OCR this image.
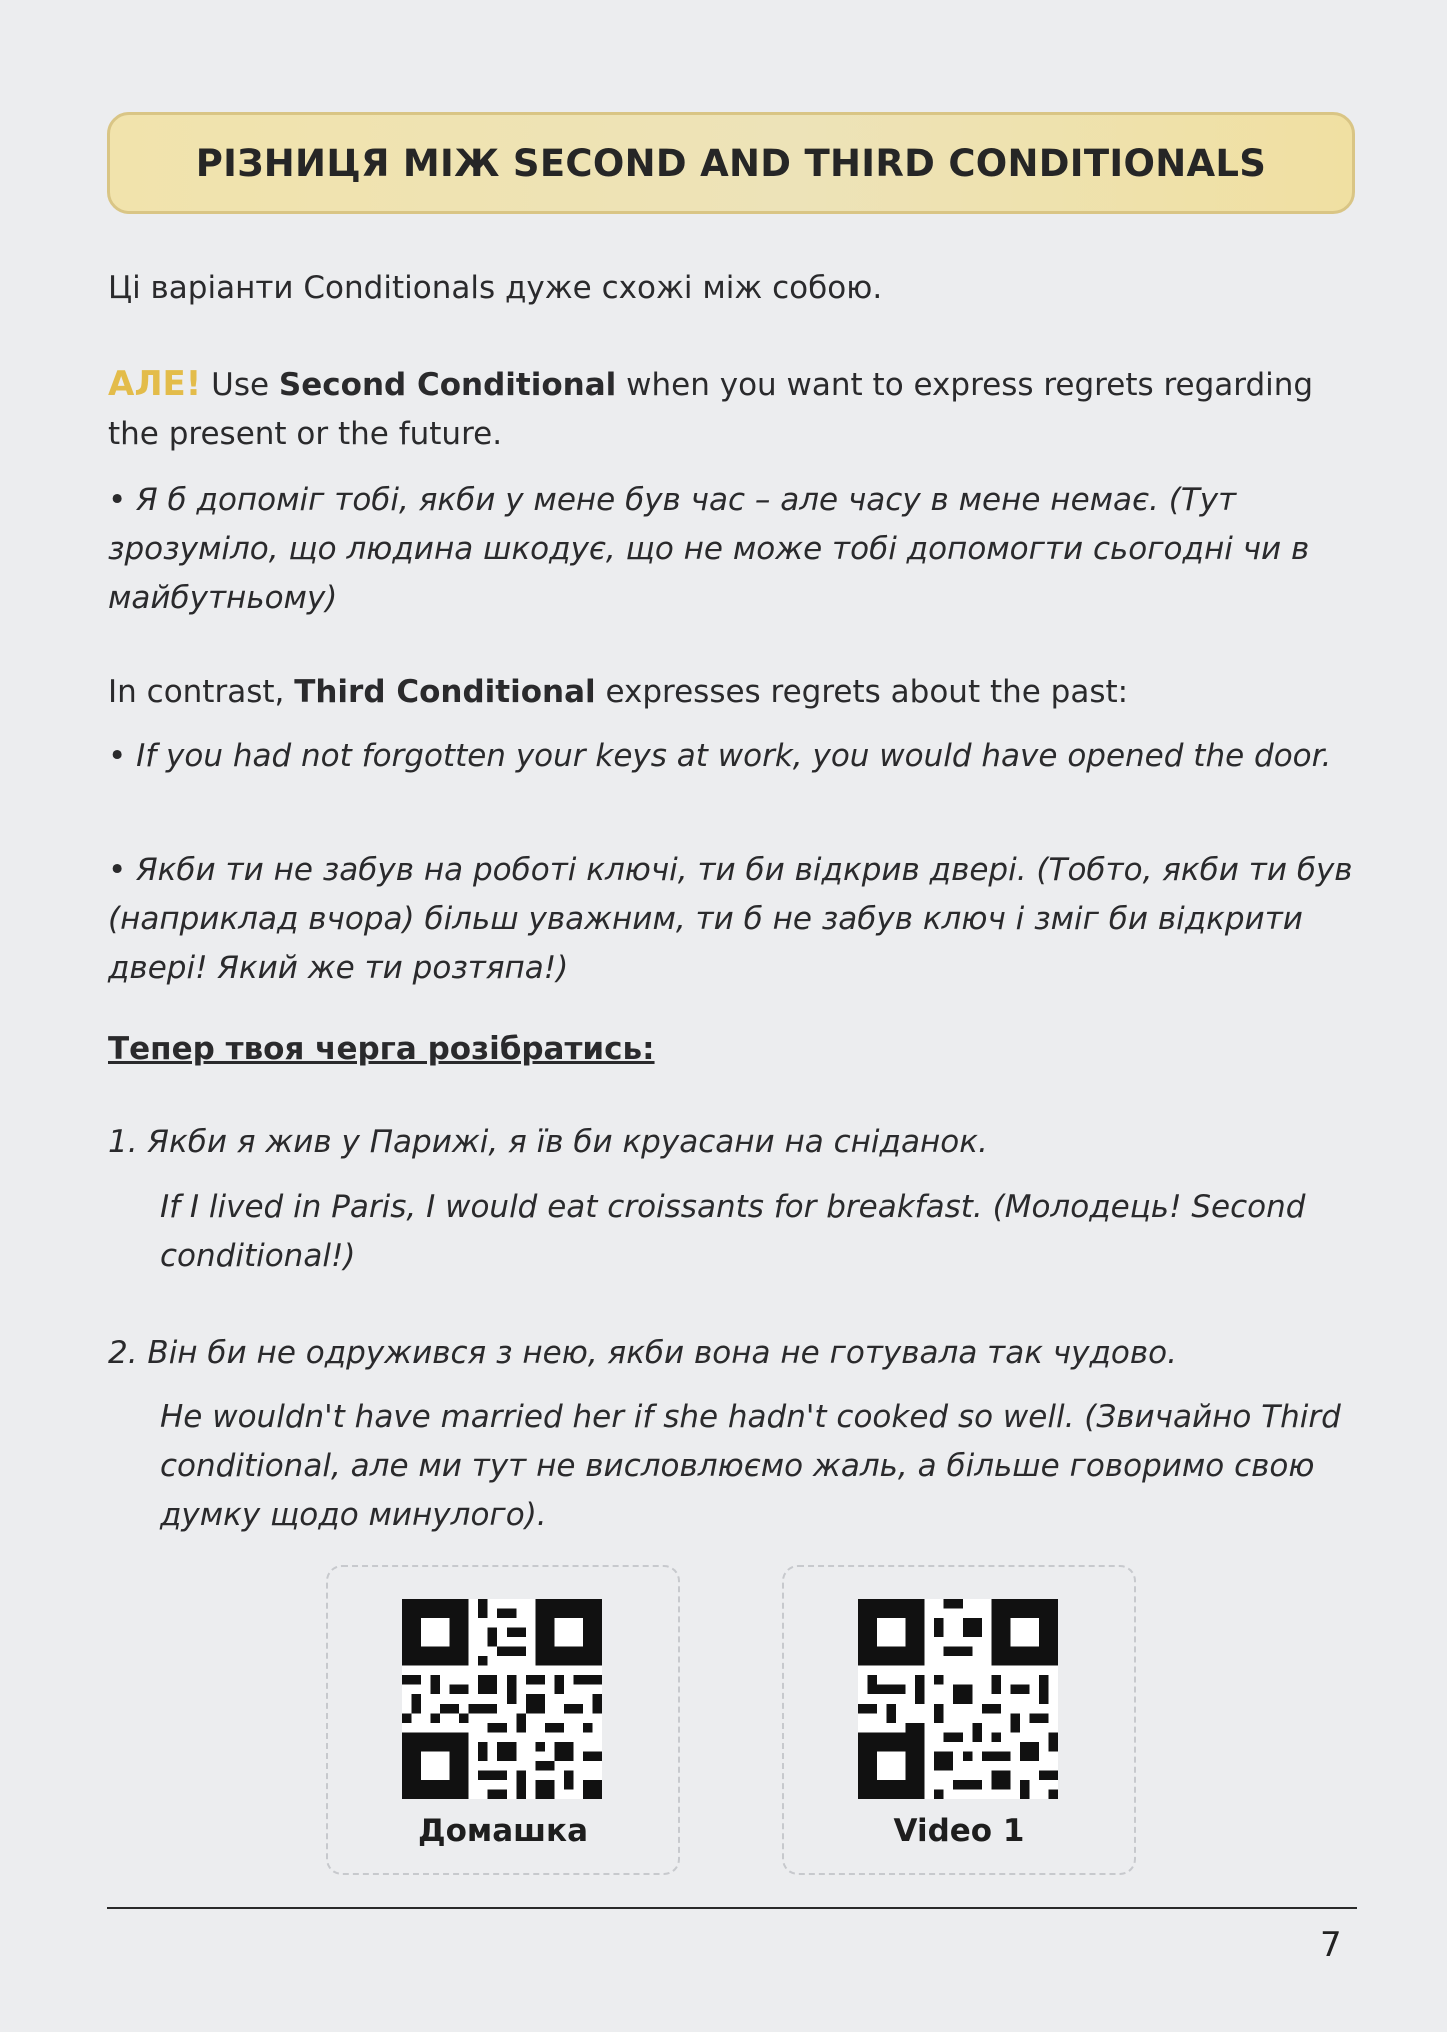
РІЗНИЦЯ МІЖ SECOND AND THIRD CONDITIONALS

Ці варіанти Conditionals дуже схожі між собою.

АЛЕ! Use Second Conditional when you want to express regrets regarding the present or the future.

• Я б допоміг тобі, якби у мене був час – але часу в мене немає. (Тут зрозуміло, що людина шкодує, що не може тобі допомогти сьогодні чи в майбутньому)

In contrast, Third Conditional expresses regrets about the past:

• If you had not forgotten your keys at work, you would have opened the door.

• Якби ти не забув на роботі ключі, ти би відкрив двері. (Тобто, якби ти був (наприклад вчора) більш уважним, ти б не забув ключ і зміг би відкрити двері! Який же ти розтяпа!)

Тепер твоя черга розібратись:

1. Якби я жив у Парижі, я їв би круасани на сніданок.

If I lived in Paris, I would eat croissants for breakfast. (Молодець! Second conditional!)

2. Він би не одружився з нею, якби вона не готувала так чудово.

He wouldn't have married her if she hadn't cooked so well. (Звичайно Third conditional, але ми тут не висловлюємо жаль, а більше говоримо свою думку щодо минулого).

Домашка	Video 1
7
